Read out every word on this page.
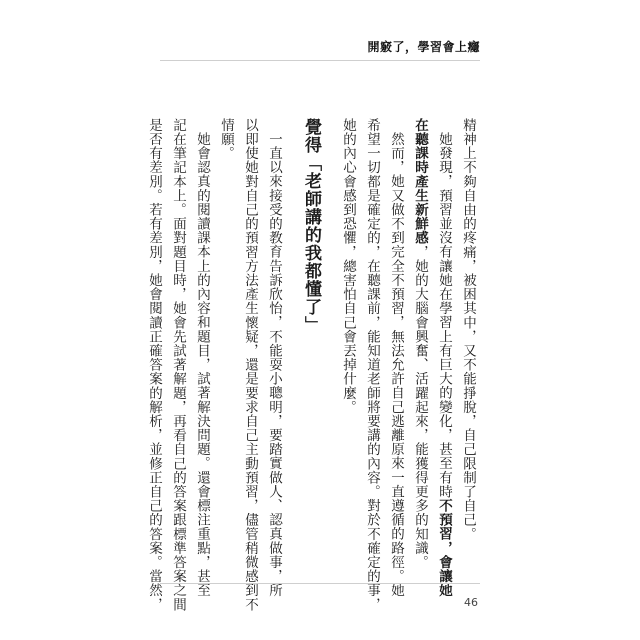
開竅了，學習會上癮
精神上不夠自由的疼痛，被困其中，又不能掙脫，自己限制了自己。
她發現，預習並沒有讓她在學習上有巨大的變化，甚至有時不預習，會讓她
在聽課時產生新鮮感，她的大腦會興奮、活躍起來，能獲得更多的知識。
然而，她又做不到完全不預習，無法允許自己逃離原來一直遵循的路徑。她
希望一切都是確定的，在聽課前，能知道老師將要講的內容。對於不確定的事，
她的內心會感到恐懼，總害怕自己會丟掉什麼。
覺得「老師講的我都懂了」
一直以來接受的教育告訴欣怡，不能耍小聰明，要踏實做人、認真做事，所
以即使她對自己的預習方法產生懷疑，還是要求自己主動預習，儘管稍微感到不
情願。
她會認真的閱讀課本上的內容和題目，試著解決問題。還會標注重點，甚至
記在筆記本上。面對題目時，她會先試著解題，再看自己的答案跟標準答案之間
是否有差別。若有差別，她會閱讀正確答案的解析，並修正自己的答案。當然，	46
